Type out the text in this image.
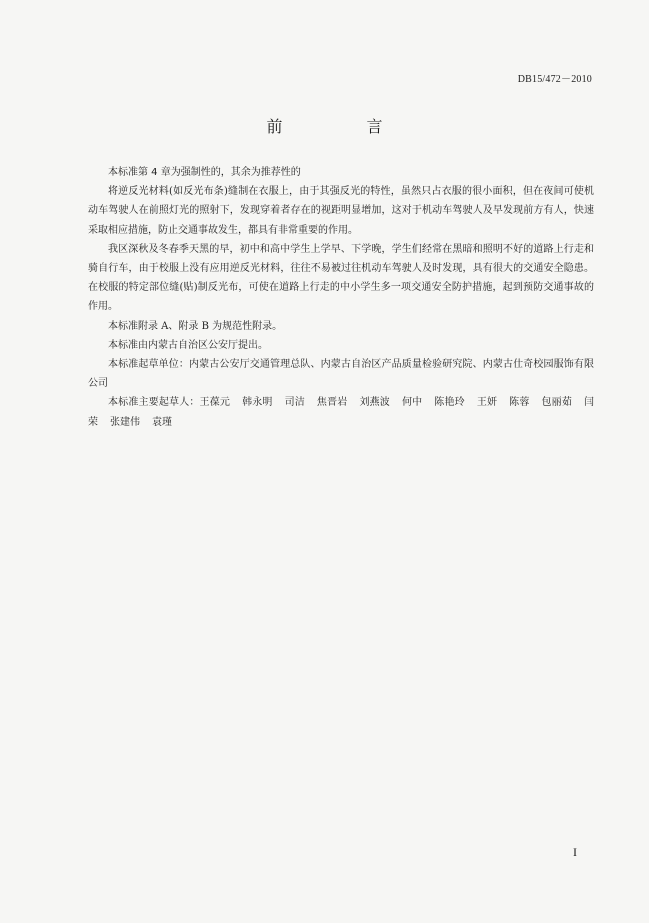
DB15/472－2010
前　言

本标准第 4 章为强制性的，其余为推荐性的

将逆反光材料(如反光布条)缝制在衣服上，由于其强反光的特性，虽然只占衣服的很小面积，但在夜间可使机动车驾驶人在前照灯光的照射下，发现穿着者存在的视距明显增加，这对于机动车驾驶人及早发现前方有人，快速采取相应措施，防止交通事故发生，都具有非常重要的作用。

我区深秋及冬春季天黑的早，初中和高中学生上学早、下学晚，学生们经常在黑暗和照明不好的道路上行走和骑自行车，由于校服上没有应用逆反光材料，往往不易被过往机动车驾驶人及时发现，具有很大的交通安全隐患。在校服的特定部位缝(贴)制反光布，可使在道路上行走的中小学生多一项交通安全防护措施，起到预防交通事故的作用。

本标准附录 A、附录 B 为规范性附录。

本标准由内蒙古自治区公安厅提出。

本标准起草单位：内蒙古公安厅交通管理总队、内蒙古自治区产品质量检验研究院、内蒙古仕奇校园服饰有限公司

本标准主要起草人：王葆元 韩永明 司洁 焦晋岩 刘燕波 何中 陈艳玲 王妍 陈蓉 包丽茹 闫荣 张建伟 袁瑾

I
